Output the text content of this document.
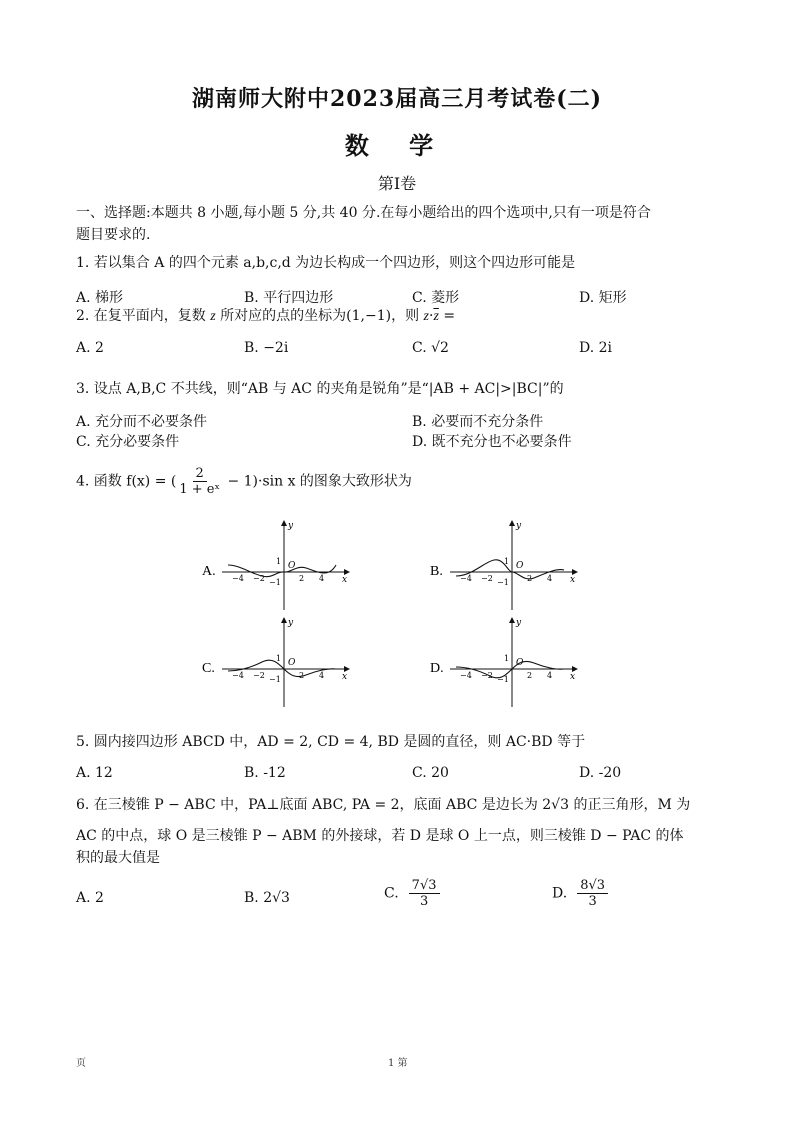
湖南师大附中2023届高三月考试卷(二)
数 学
第Ⅰ卷
一、选择题:本题共 8 小题,每小题 5 分,共 40 分.在每小题给出的四个选项中,只有一项是符合
题目要求的.
1. 若以集合 A 的四个元素 a,b,c,d 为边长构成一个四边形，则这个四边形可能是
A. 梯形	B. 平行四边形	C. 菱形	D. 矩形
2. 在复平面内，复数 z 所对应的点的坐标为(1,−1)，则 $z\cdot\overline{z}$ =
A. 2	B. −2i	C. √2	D. 2i
3. 设点 A,B,C 不共线，则“AB 与 AC 的夹角是锐角”是“|AB + AC|>|BC|”的
A. 充分而不必要条件	B. 必要而不充分条件
C. 充分必要条件	D. 既不充分也不必要条件
4. 函数 f(x) = ( $\frac{2}{\text{1 + eˣ}} - 1)\cdot\sin$ x 的图象大致形状为
A.
y
x
O
1
−1
−4 −2	2 4	B.
y
x
O
1
−1
−4 −2	2 4
C.
y
x
O
1
−1
−4 −2	2 4	D.
y
x
O
1
−1
−4 −2	2 4
5. 圆内接四边形 ABCD 中，AD = 2, CD = 4, BD 是圆的直径，则 AC·BD 等于
A. 12	B. -12	C. 20	D. -20
6. 在三棱锥 P − ABC 中，PA⊥底面 ABC, PA = 2，底面 ABC 是边长为 2√3 的正三角形，M 为
AC 的中点，球 O 是三棱锥 P − ABM 的外接球，若 D 是球 O 上一点，则三棱锥 D − PAC 的体
积的最大值是
A. 2	B. 2√3	C. $\frac{7√3}{3}$	D. $\frac{8√3}{3}$
页	1 第
